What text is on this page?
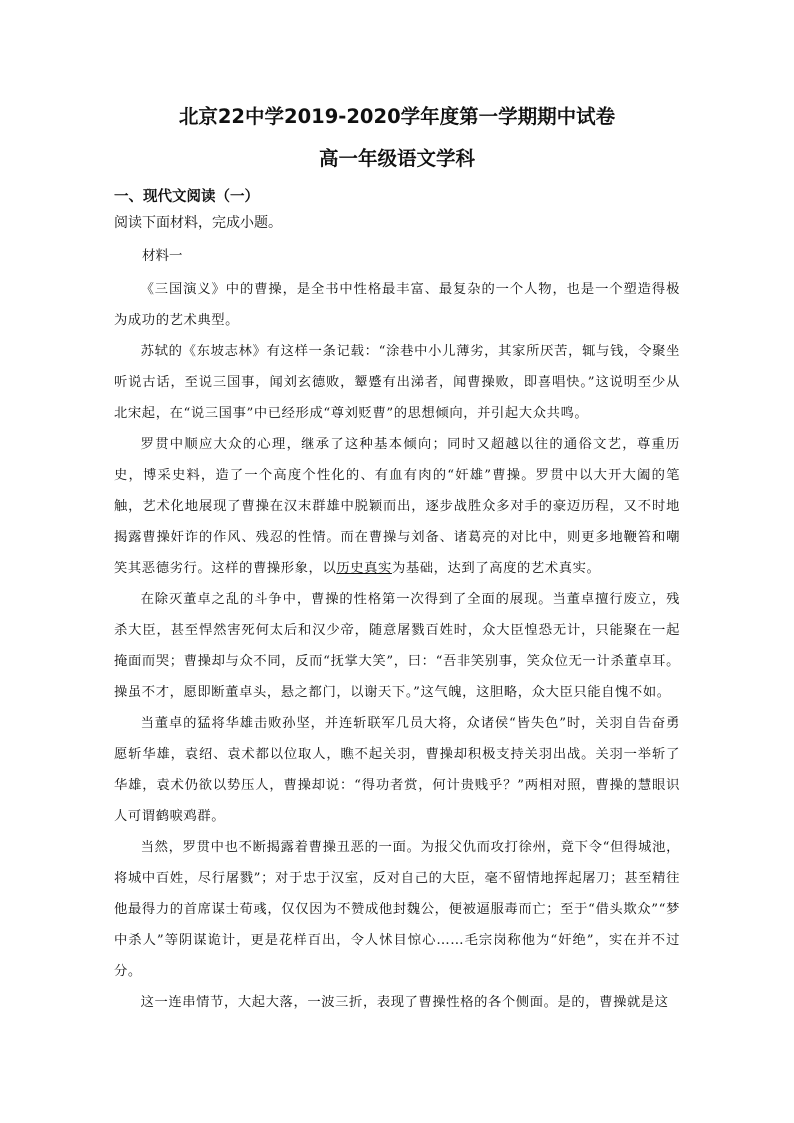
北京22中学2019-2020学年度第一学期期中试卷
高一年级语文学科
一、现代文阅读（一）
阅读下面材料，完成小题。
材料一

《三国演义》中的曹操，是全书中性格最丰富、最复杂的一个人物，也是一个塑造得极为成功的艺术典型。

苏轼的《东坡志林》有这样一条记载：“涂巷中小儿薄劣，其家所厌苦，辄与钱，令聚坐听说古话，至说三国事，闻刘玄德败，颦蹙有出涕者，闻曹操败，即喜唱快。”这说明至少从北宋起，在“说三国事”中已经形成“尊刘贬曹”的思想倾向，并引起大众共鸣。

罗贯中顺应大众的心理，继承了这种基本倾向；同时又超越以往的通俗文艺，尊重历史，博采史料，造了一个高度个性化的、有血有肉的“奸雄”曹操。罗贯中以大开大阖的笔触，艺术化地展现了曹操在汉末群雄中脱颖而出，逐步战胜众多对手的豪迈历程，又不时地揭露曹操奸诈的作风、残忍的性情。而在曹操与刘备、诸葛亮的对比中，则更多地鞭笞和嘲笑其恶德劣行。这样的曹操形象，以历史真实为基础，达到了高度的艺术真实。

在除灭董卓之乱的斗争中，曹操的性格第一次得到了全面的展现。当董卓擅行废立，残杀大臣，甚至悍然害死何太后和汉少帝，随意屠戮百姓时，众大臣惶恐无计，只能聚在一起掩面而哭；曹操却与众不同，反而“抚掌大笑”，曰：“吾非笑别事，笑众位无一计杀董卓耳。操虽不才，愿即断董卓头，悬之都门，以谢天下。”这气魄，这胆略，众大臣只能自愧不如。

当董卓的猛将华雄击败孙坚，并连斩联军几员大将，众诸侯“皆失色”时，关羽自告奋勇愿斩华雄，袁绍、袁术都以位取人，瞧不起关羽，曹操却积极支持关羽出战。关羽一举斩了华雄，袁术仍欲以势压人，曹操却说：“得功者赏，何计贵贱乎？”两相对照，曹操的慧眼识人可谓鹤唳鸡群。

当然，罗贯中也不断揭露着曹操丑恶的一面。为报父仇而攻打徐州，竟下令“但得城池，将城中百姓，尽行屠戮”；对于忠于汉室，反对自己的大臣，毫不留情地挥起屠刀；甚至精往他最得力的首席谋士荀彧，仅仅因为不赞成他封魏公，便被逼服毒而亡；至于“借头欺众”“梦中杀人”等阴谋诡计，更是花样百出，令人怵目惊心……毛宗岗称他为“奸绝”，实在并不过分。

这一连串情节，大起大落，一波三折，表现了曹操性格的各个侧面。是的，曹操就是这
